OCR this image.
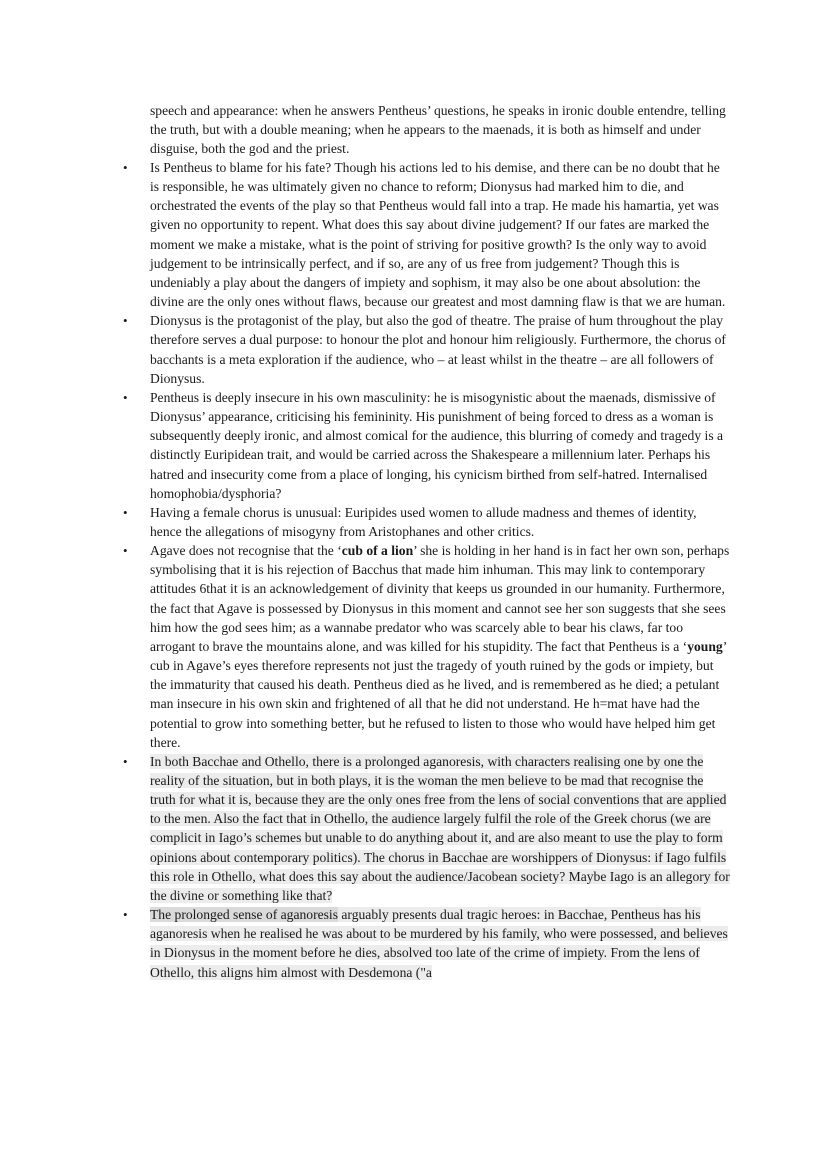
speech and appearance: when he answers Pentheus’ questions, he speaks in ironic double entendre, telling the truth, but with a double meaning; when he appears to the maenads, it is both as himself and under disguise, both the god and the priest.

• Is Pentheus to blame for his fate? Though his actions led to his demise, and there can be no doubt that he is responsible, he was ultimately given no chance to reform; Dionysus had marked him to die, and orchestrated the events of the play so that Pentheus would fall into a trap. He made his hamartia, yet was given no opportunity to repent. What does this say about divine judgement? If our fates are marked the moment we make a mistake, what is the point of striving for positive growth? Is the only way to avoid judgement to be intrinsically perfect, and if so, are any of us free from judgement? Though this is undeniably a play about the dangers of impiety and sophism, it may also be one about absolution: the divine are the only ones without flaws, because our greatest and most damning flaw is that we are human.
• Dionysus is the protagonist of the play, but also the god of theatre. The praise of hum throughout the play therefore serves a dual purpose: to honour the plot and honour him religiously. Furthermore, the chorus of bacchants is a meta exploration if the audience, who – at least whilst in the theatre – are all followers of Dionysus.
• Pentheus is deeply insecure in his own masculinity: he is misogynistic about the maenads, dismissive of Dionysus’ appearance, criticising his femininity. His punishment of being forced to dress as a woman is subsequently deeply ironic, and almost comical for the audience, this blurring of comedy and tragedy is a distinctly Euripidean trait, and would be carried across the Shakespeare a millennium later. Perhaps his hatred and insecurity come from a place of longing, his cynicism birthed from self-hatred. Internalised homophobia/dysphoria?
• Having a female chorus is unusual: Euripides used women to allude madness and themes of identity, hence the allegations of misogyny from Aristophanes and other critics.
• Agave does not recognise that the ‘cub of a lion’ she is holding in her hand is in fact her own son, perhaps symbolising that it is his rejection of Bacchus that made him inhuman. This may link to contemporary attitudes 6that it is an acknowledgement of divinity that keeps us grounded in our humanity. Furthermore, the fact that Agave is possessed by Dionysus in this moment and cannot see her son suggests that she sees him how the god sees him; as a wannabe predator who was scarcely able to bear his claws, far too arrogant to brave the mountains alone, and was killed for his stupidity. The fact that Pentheus is a ‘young’ cub in Agave’s eyes therefore represents not just the tragedy of youth ruined by the gods or impiety, but the immaturity that caused his death. Pentheus died as he lived, and is remembered as he died; a petulant man insecure in his own skin and frightened of all that he did not understand. He h=mat have had the potential to grow into something better, but he refused to listen to those who would have helped him get there.
• In both Bacchae and Othello, there is a prolonged aganoresis, with characters realising one by one the reality of the situation, but in both plays, it is the woman the men believe to be mad that recognise the truth for what it is, because they are the only ones free from the lens of social conventions that are applied to the men. Also the fact that in Othello, the audience largely fulfil the role of the Greek chorus (we are complicit in Iago’s schemes but unable to do anything about it, and are also meant to use the play to form opinions about contemporary politics). The chorus in Bacchae are worshippers of Dionysus: if Iago fulfils this role in Othello, what does this say about the audience/Jacobean society? Maybe Iago is an allegory for the divine or something like that?
• The prolonged sense of aganoresis arguably presents dual tragic heroes: in Bacchae, Pentheus has his aganoresis when he realised he was about to be murdered by his family, who were possessed, and believes in Dionysus in the moment before he dies, absolved too late of the crime of impiety. From the lens of Othello, this aligns him almost with Desdemona ("a
